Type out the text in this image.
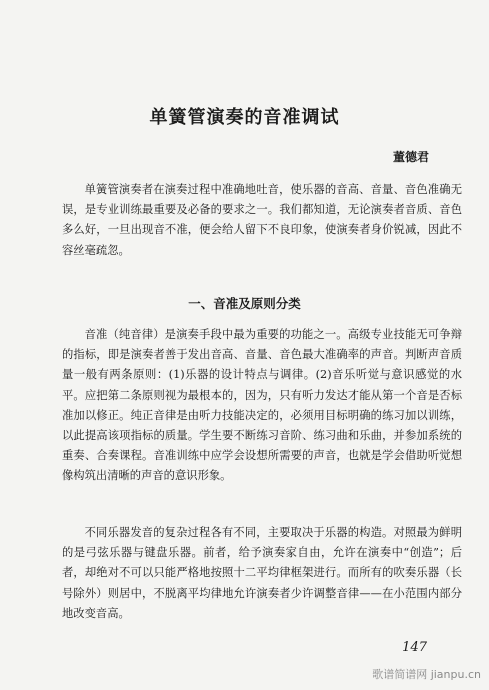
单簧管演奏的音准调试
董德君

单簧管演奏者在演奏过程中准确地吐音，使乐器的音高、音量、音色准确无误，是专业训练最重要及必备的要求之一。我们都知道，无论演奏者音质、音色多么好，一旦出现音不准，便会给人留下不良印象，使演奏者身价锐减，因此不容丝毫疏忽。

一、音准及原则分类

音准（纯音律）是演奏手段中最为重要的功能之一。高级专业技能无可争辩的指标，即是演奏者善于发出音高、音量、音色最大准确率的声音。判断声音质量一般有两条原则：(1)乐器的设计特点与调律。(2)音乐听觉与意识感觉的水平。应把第二条原则视为最根本的，因为，只有听力发达才能从第一个音是否标准加以修正。纯正音律是由听力技能决定的，必须用目标明确的练习加以训练，以此提高该项指标的质量。学生要不断练习音阶、练习曲和乐曲，并参加系统的重奏、合奏课程。音准训练中应学会设想所需要的声音，也就是学会借助听觉想像构筑出清晰的声音的意识形象。

不同乐器发音的复杂过程各有不同，主要取决于乐器的构造。对照最为鲜明的是弓弦乐器与键盘乐器。前者，给予演奏家自由，允许在演奏中“创造”；后者，却绝对不可以只能严格地按照十二平均律框架进行。而所有的吹奏乐器（长号除外）则居中，不脱离平均律地允许演奏者少许调整音律——在小范围内部分地改变音高。

147
歌谱简谱网 jianpu.cn
